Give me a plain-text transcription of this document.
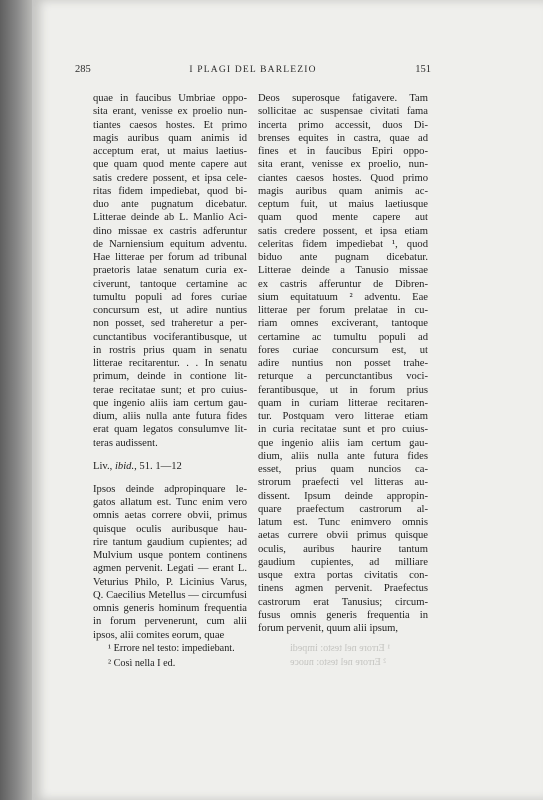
285	I PLAGI DEL BARLEZIO	151
quae in faucibus Umbriae oppo-
sita erant, venisse ex proelio nun-
tiantes caesos hostes. Et primo
magis auribus quam animis id
acceptum erat, ut maius laetius-
que quam quod mente capere aut
satis credere possent, et ipsa cele-
ritas fidem impediebat, quod bi-
duo ante pugnatum dicebatur.
Litterae deinde ab L. Manlio Aci-
dino missae ex castris adferuntur
de Narniensium equitum adventu.
Hae litterae per forum ad tribunal
praetoris latae senatum curia ex-
civerunt, tantoque certamine ac
tumultu populi ad fores curiae
concursum est, ut adire nuntius
non posset, sed traheretur a per-
cunctantibus vociferantibusque, ut
in rostris prius quam in senatu
litterae recitarentur. . . In senatu
primum, deinde in contione lit-
terae recitatae sunt; et pro cuius-
que ingenio aliis iam certum gau-
dium, aliis nulla ante futura fides
erat quam legatos consulumve lit-
teras audissent.
Liv., ibid., 51. 1—12
Ipsos deinde adpropinquare le-
gatos allatum est. Tunc enim vero
omnis aetas correre obvii, primus
quisque oculis auribusque hau-
rire tantum gaudium cupientes; ad
Mulvium usque pontem continens
agmen pervenit. Legati — erant L.
Veturius Philo, P. Licinius Varus,
Q. Caecilius Metellus — circumfusi
omnis generis hominum frequentia
in forum pervenerunt, cum alii
ipsos, alii comites eorum, quae
Deos superosque fatigavere. Tam
sollicitae ac suspensae civitati fama
incerta primo accessit, duos Di-
brenses equites in castra, quae ad
fines et in faucibus Epiri oppo-
sita erant, venisse ex proelio, nun-
ciantes caesos hostes. Quod primo
magis auribus quam animis ac-
ceptum fuit, ut maius laetiusque
quam quod mente capere aut
satis credere possent, et ipsa etiam
celeritas fidem impediebat ¹, quod
biduo ante pugnam dicebatur.
Litterae deinde a Tanusio missae
ex castris afferuntur de Dibren-
sium equitatuum ² adventu. Eae
litterae per forum prelatae in cu-
riam omnes exciverant, tantoque
certamine ac tumultu populi ad
fores curiae concursum est, ut
adire nuntius non posset trahe-
returque a percunctantibus voci-
ferantibusque, ut in forum prius
quam in curiam litterae recitaren-
tur. Postquam vero litterae etiam
in curia recitatae sunt et pro cuius-
que ingenio aliis iam certum gau-
dium, aliis nulla ante futura fides
esset, prius quam nuncios ca-
strorum praefecti vel litteras au-
dissent. Ipsum deinde appropin-
quare praefectum castrorum al-
latum est. Tunc enimvero omnis
aetas currere obvii primus quisque
oculis, auribus haurire tantum
gaudium cupientes, ad milliare
usque extra portas civitatis con-
tinens agmen pervenit. Praefectus
castrorum erat Tanusius; circum-
fusus omnis generis frequentia in
forum pervenit, quum alii ipsum,
¹ Errore nel testo: impediebant.
² Così nella I ed.
¹ Errore nel testo: impedi
² Errore nel testo: nuoce
